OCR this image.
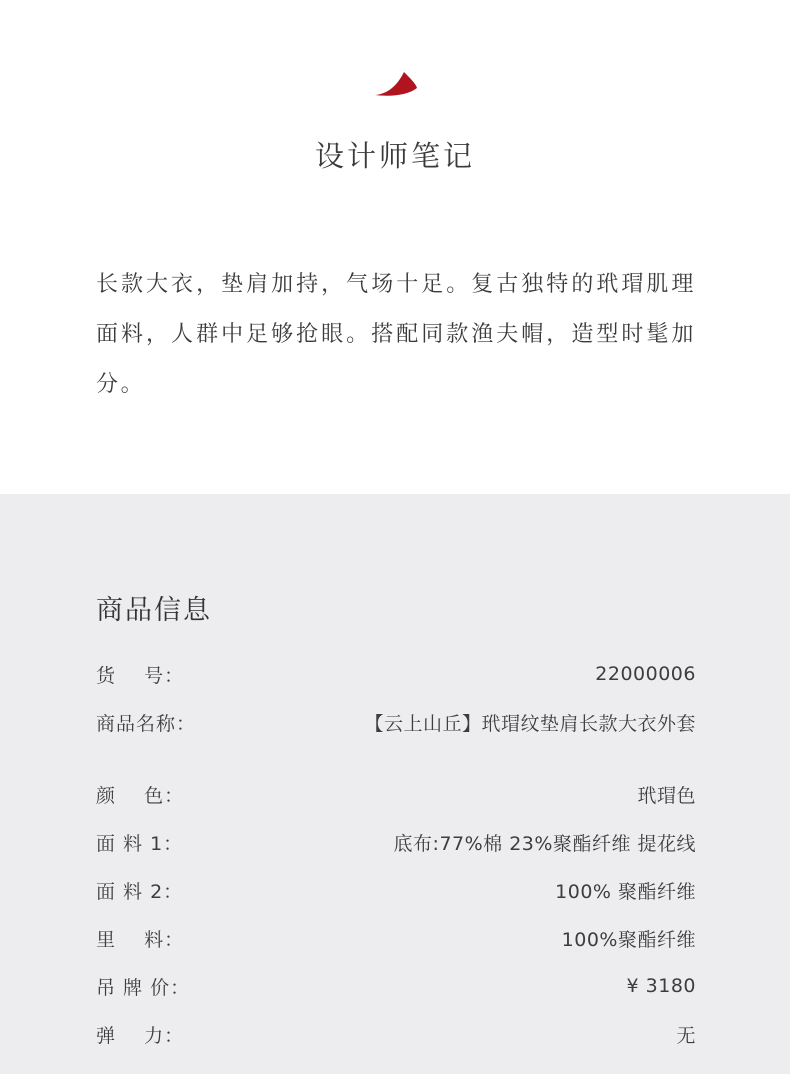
设计师笔记
长款大衣，垫肩加持，气场十足。复古独特的玳瑁肌理面料，人群中足够抢眼。搭配同款渔夫帽，造型时髦加分。
商品信息
货    号：	22000006
商品名称：	【云上山丘】玳瑁纹垫肩长款大衣外套
颜    色：	玳瑁色
面 料 1：	底布:77%棉 23%聚酯纤维 提花线
面 料 2：	100% 聚酯纤维
里    料：	100%聚酯纤维
吊 牌 价：	¥ 3180
弹    力：	无
